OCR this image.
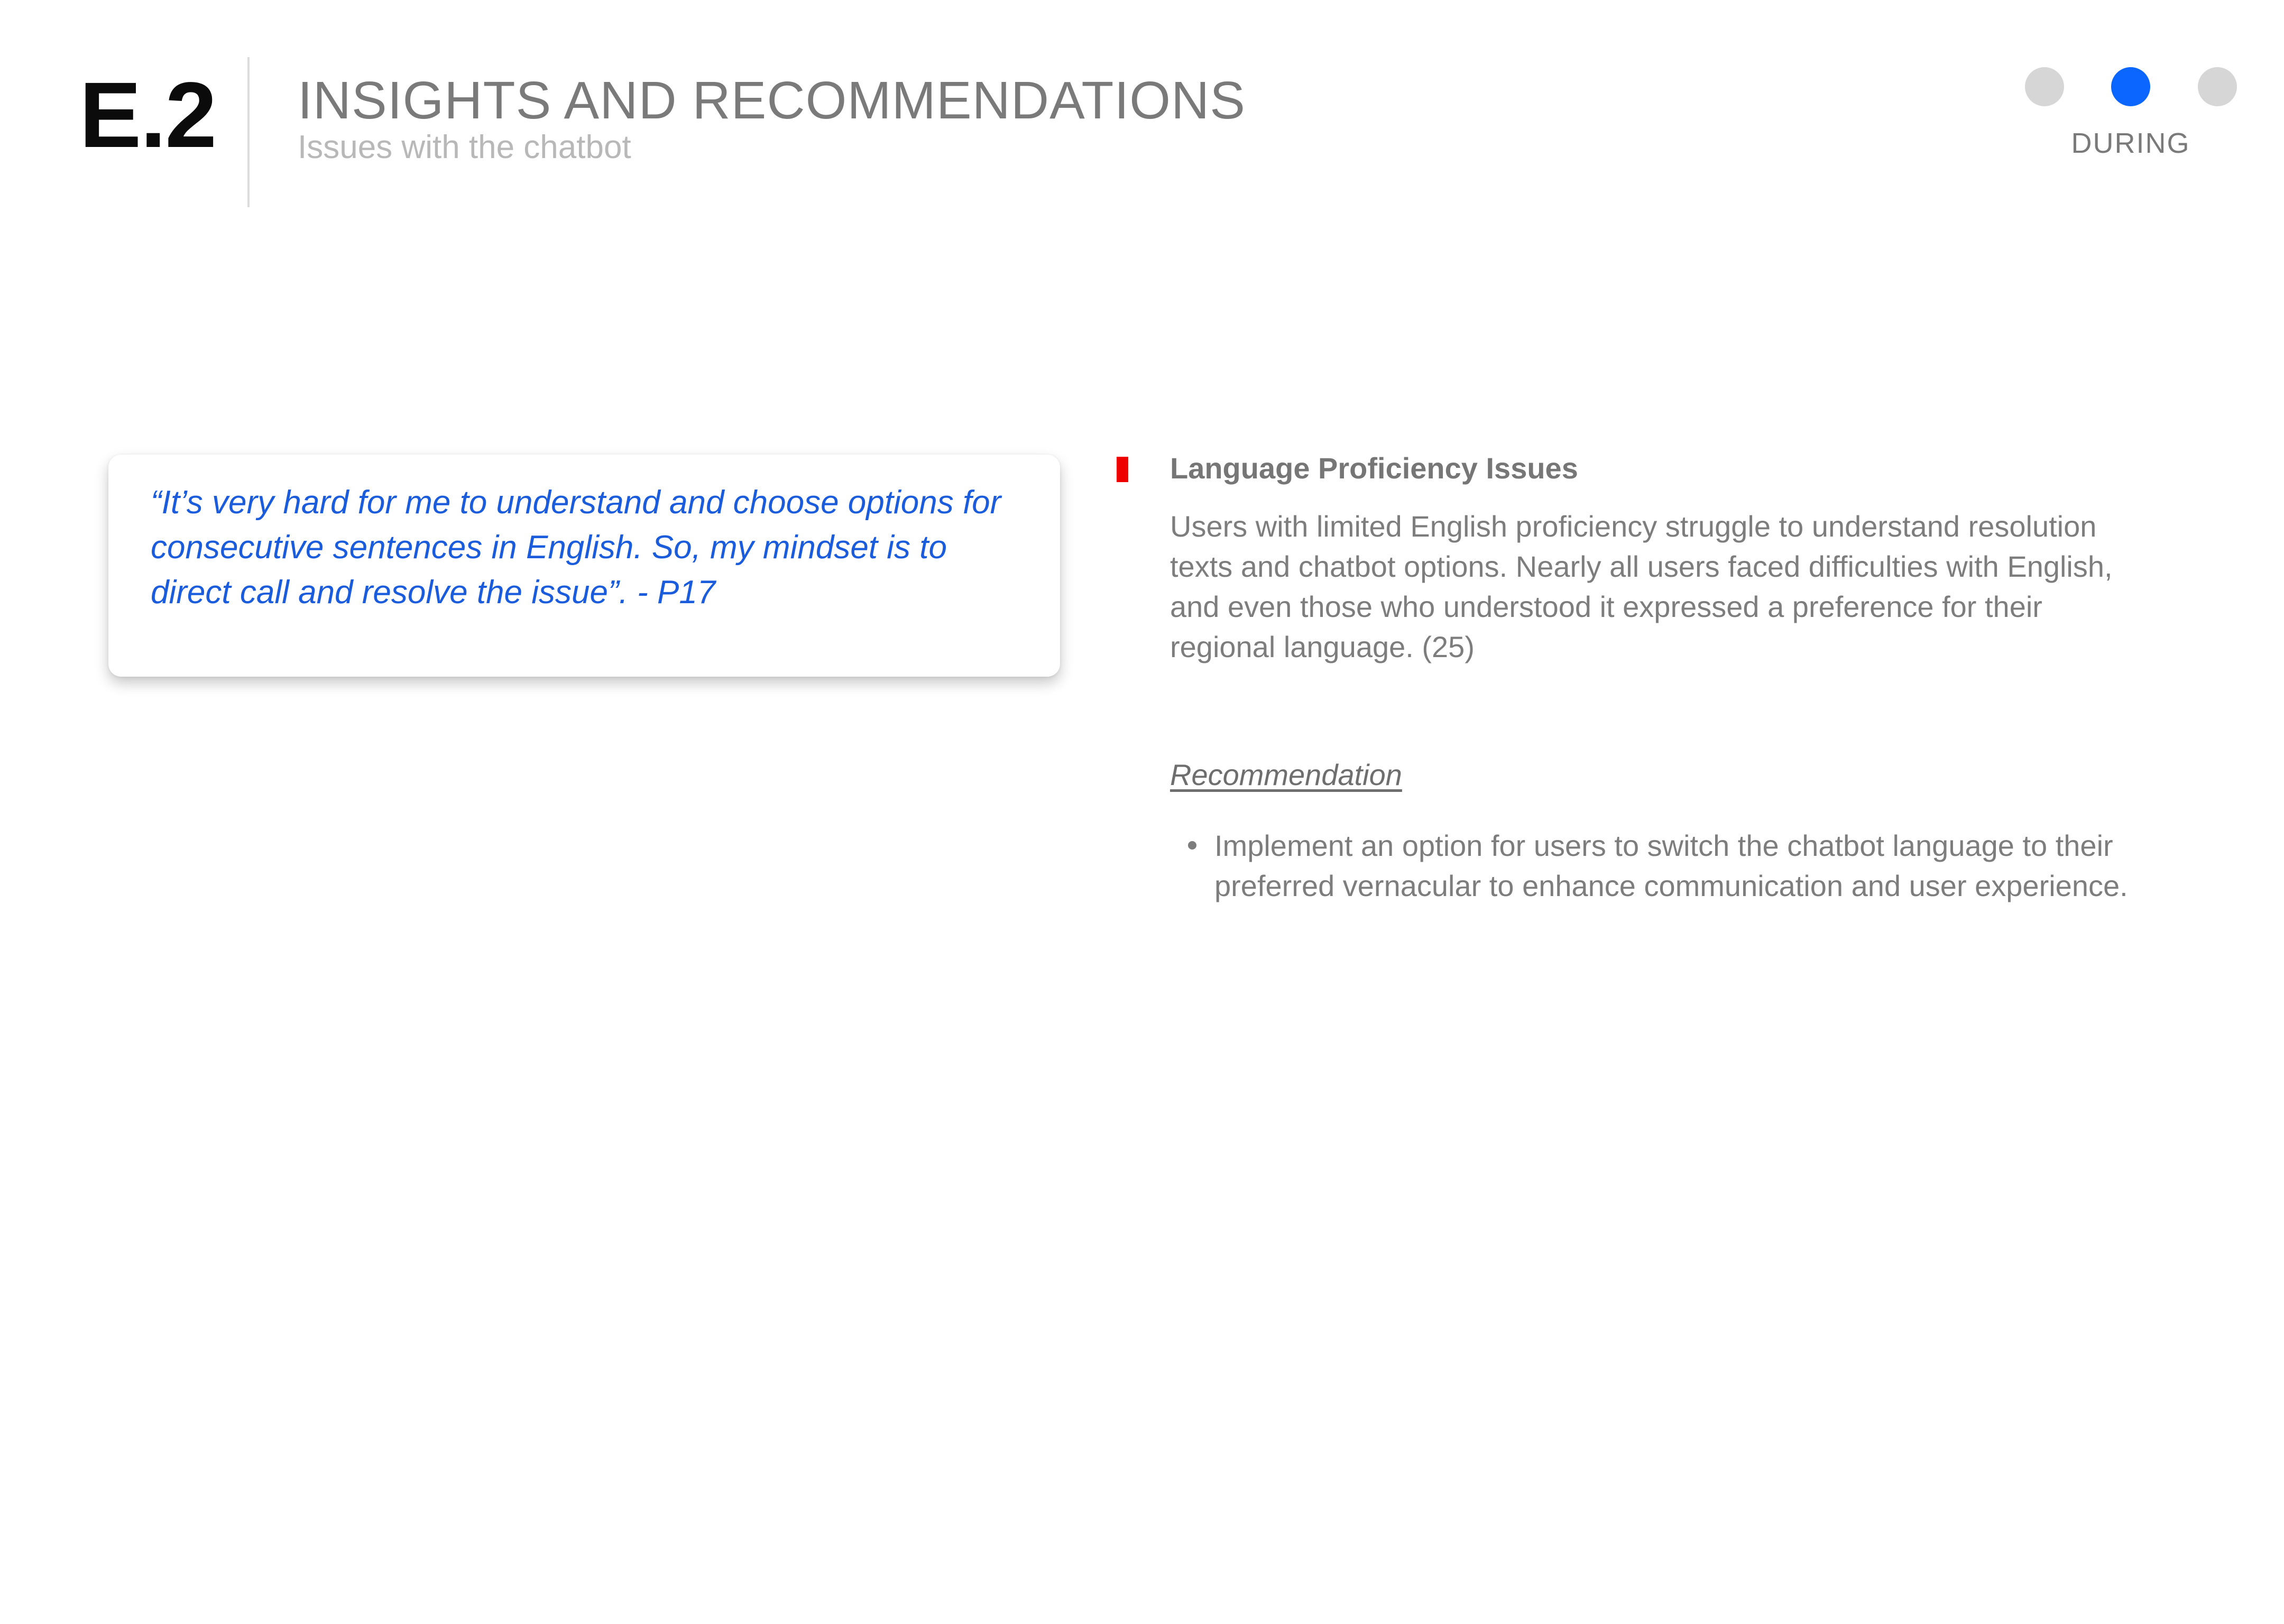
E.2 INSIGHTS AND RECOMMENDATIONS
Issues with the chatbot	DURING

“It’s very hard for me to understand and choose options for consecutive sentences in English. So, my mindset is to direct call and resolve the issue”. - P17

Language Proficiency Issues

Users with limited English proficiency struggle to understand resolution texts and chatbot options. Nearly all users faced difficulties with English, and even those who understood it expressed a preference for their regional language. (25)

Recommendation
Implement an option for users to switch the chatbot language to their preferred vernacular to enhance communication and user experience.
